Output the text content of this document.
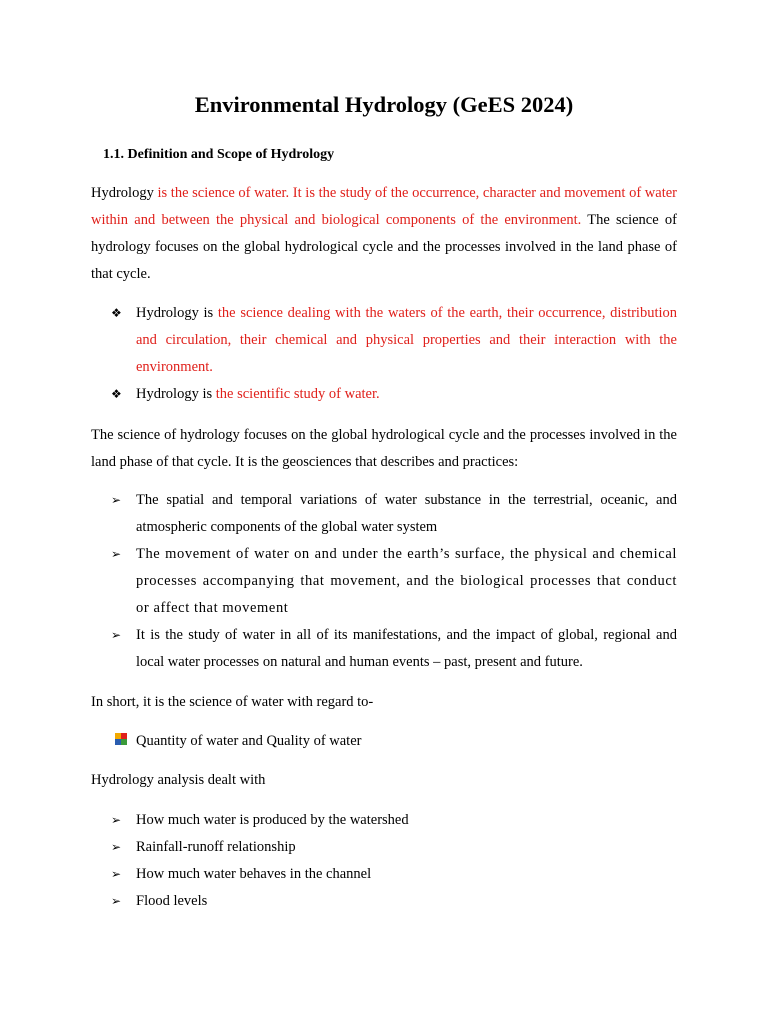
Environmental Hydrology (GeES 2024)
1.1. Definition and Scope of Hydrology

Hydrology is the science of water. It is the study of the occurrence, character and movement of water within and between the physical and biological components of the environment. The science of hydrology focuses on the global hydrological cycle and the processes involved in the land phase of that cycle.

❖ Hydrology is the science dealing with the waters of the earth, their occurrence, distribution and circulation, their chemical and physical properties and their interaction with the environment.
❖ Hydrology is the scientific study of water.

The science of hydrology focuses on the global hydrological cycle and the processes involved in the land phase of that cycle. It is the geosciences that describes and practices:

➢	The spatial and temporal variations of water substance in the terrestrial, oceanic, and atmospheric components of the global water system
➢	The movement of water on and under the earth’s surface, the physical and chemical processes accompanying that movement, and the biological processes that conduct or affect that movement
➢	It is the study of water in all of its manifestations, and the impact of global, regional and local water processes on natural and human events – past, present and future.

In short, it is the science of water with regard to-

Quantity of water and Quality of water

Hydrology analysis dealt with

➢	How much water is produced by the watershed
➢	Rainfall-runoff relationship
➢	How much water behaves in the channel
➢	Flood levels
